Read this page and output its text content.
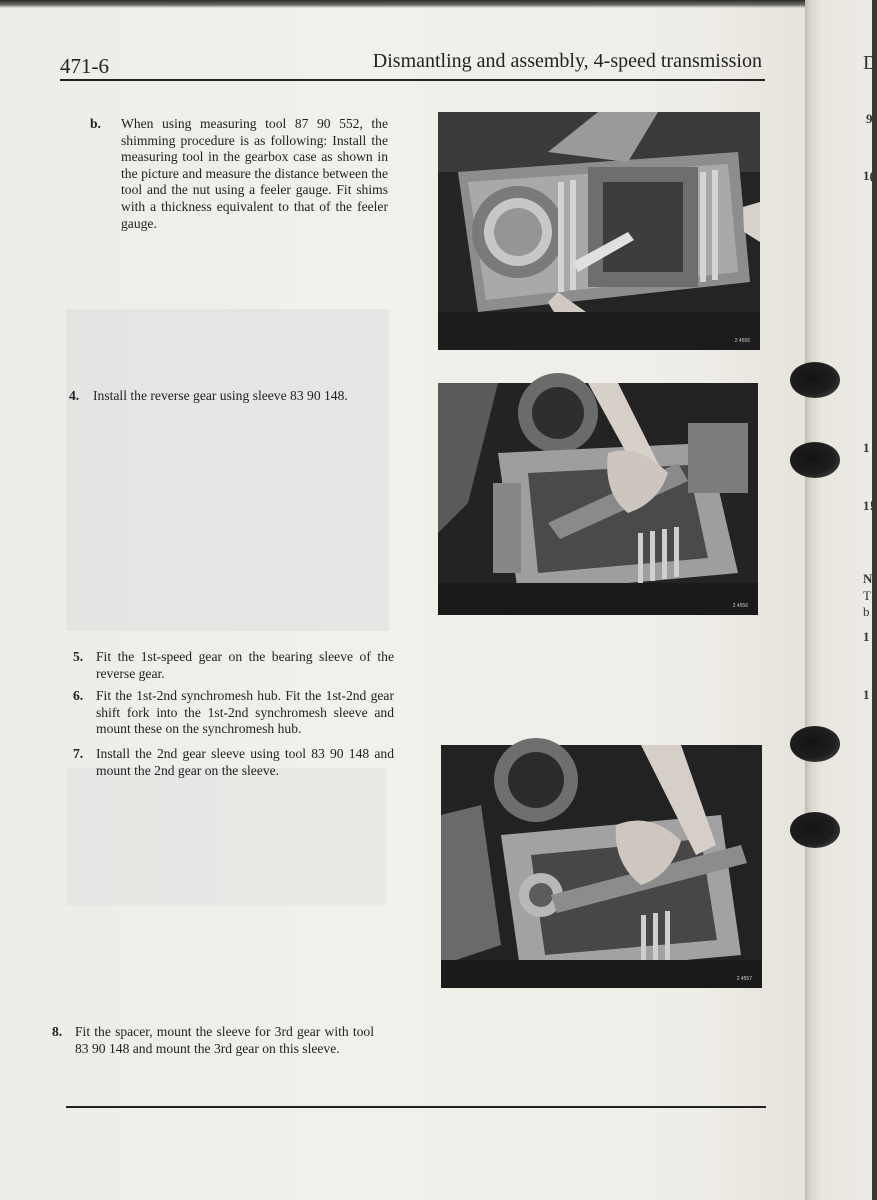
471-6	Dismantling and assembly, 4-speed transmission
b. When using measuring tool 87 90 552, the shimming procedure is as following: Install the measuring tool in the gearbox case as shown in the picture and measure the distance between the tool and the nut using a feeler gauge. Fit shims with a thickness equivalent to that of the feeler gauge.
4. Install the reverse gear using sleeve 83 90 148.
5. Fit the 1st-speed gear on the bearing sleeve of the reverse gear.
6. Fit the 1st-2nd synchromesh hub. Fit the 1st-2nd gear shift fork into the 1st-2nd synchromesh sleeve and mount these on the synchromesh hub.
7. Install the 2nd gear sleeve using tool 83 90 148 and mount the 2nd gear on the sleeve.
8. Fit the spacer, mount the sleeve for 3rd gear with tool 83 90 148 and mount the 3rd gear on this sleeve.
2 4556
2 4556
2 4557
D
9
1(
1
1!
N
T
b
1
1
